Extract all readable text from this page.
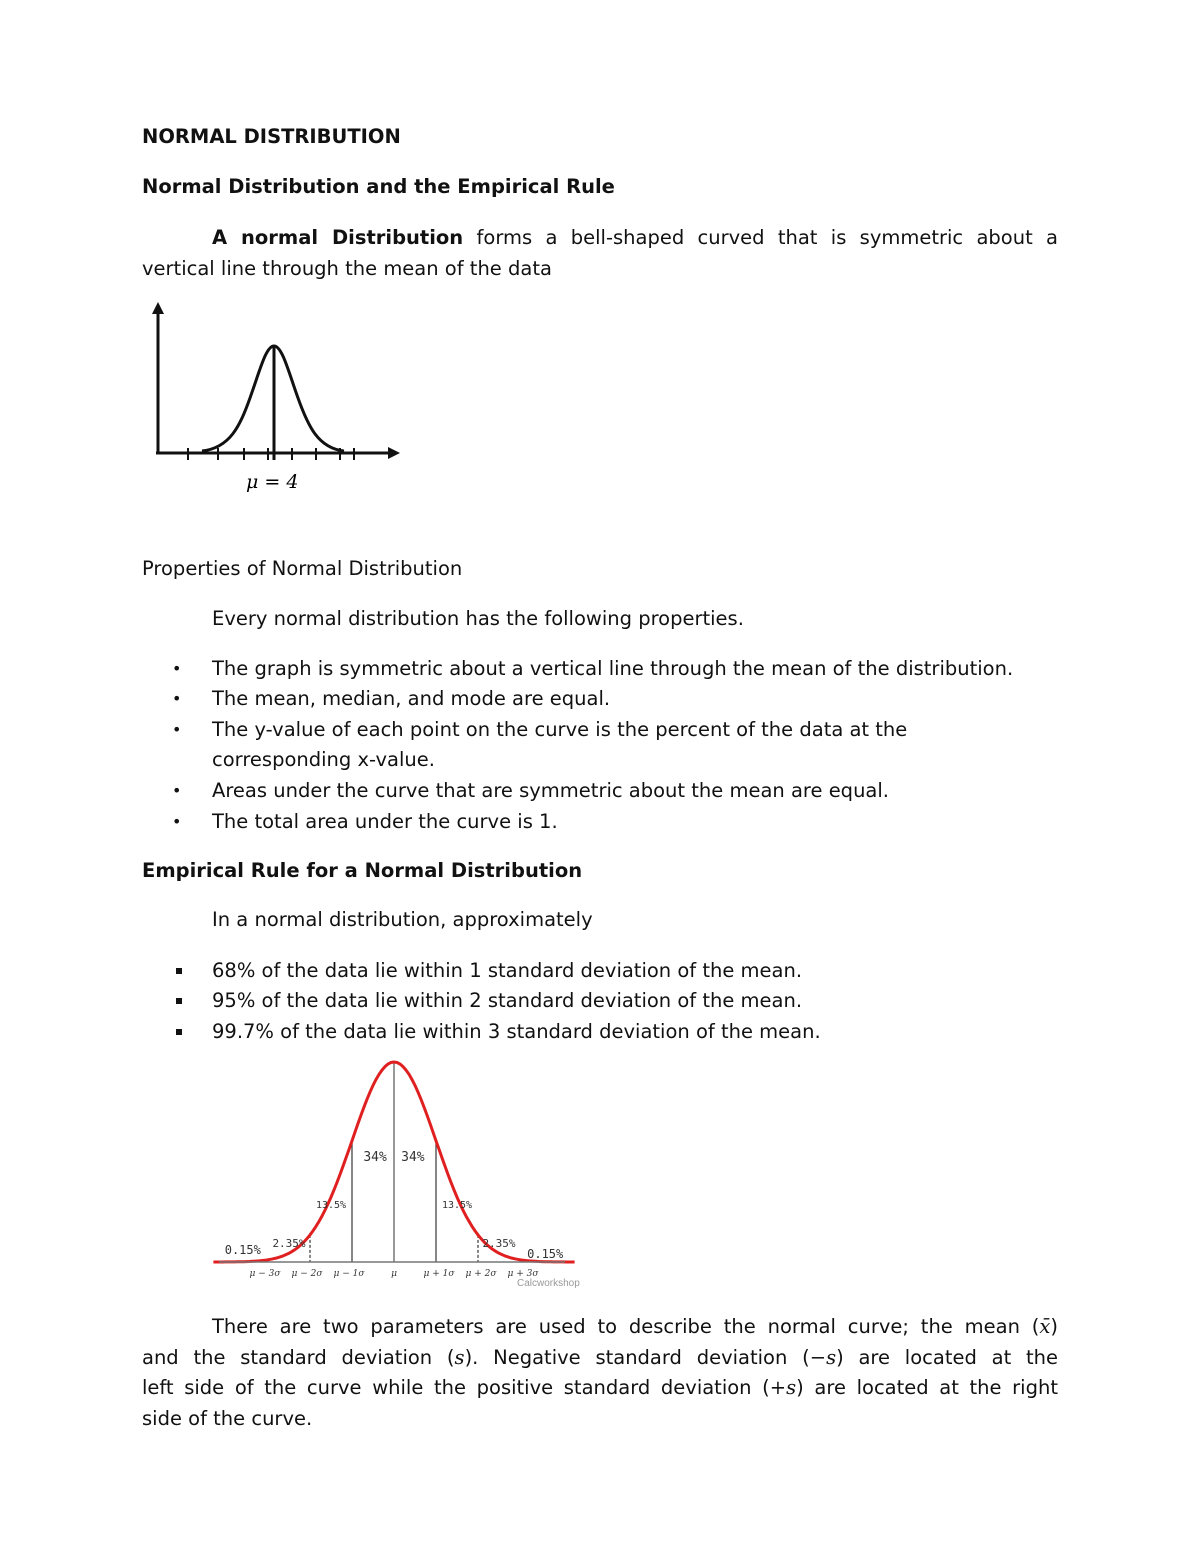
NORMAL DISTRIBUTION
Normal Distribution and the Empirical Rule
A normal Distribution forms a bell-shaped curved that is symmetric about a
vertical line through the mean of the data
μ = 4
Properties of Normal Distribution
Every normal distribution has the following properties.
• The graph is symmetric about a vertical line through the mean of the distribution.
• The mean, median, and mode are equal.
• The y-value of each point on the curve is the percent of the data at the
corresponding x-value.
• Areas under the curve that are symmetric about the mean are equal.
• The total area under the curve is 1.
Empirical Rule for a Normal Distribution
In a normal distribution, approximately
68% of the data lie within 1 standard deviation of the mean.
95% of the data lie within 2 standard deviation of the mean.
99.7% of the data lie within 3 standard deviation of the mean.
0.15% 2.35%
13.5%
34% 34%
13.5%
2.35%
0.15%
μ − 3σ μ − 2σ μ − 1σ	μ	μ + 1σ μ + 2σ μ + 3σ
Calcworkshop
There are two parameters are used to describe the normal curve; the mean (x̄)
and the standard deviation (s). Negative standard deviation (−s) are located at the
left side of the curve while the positive standard deviation (+s) are located at the right
side of the curve.
